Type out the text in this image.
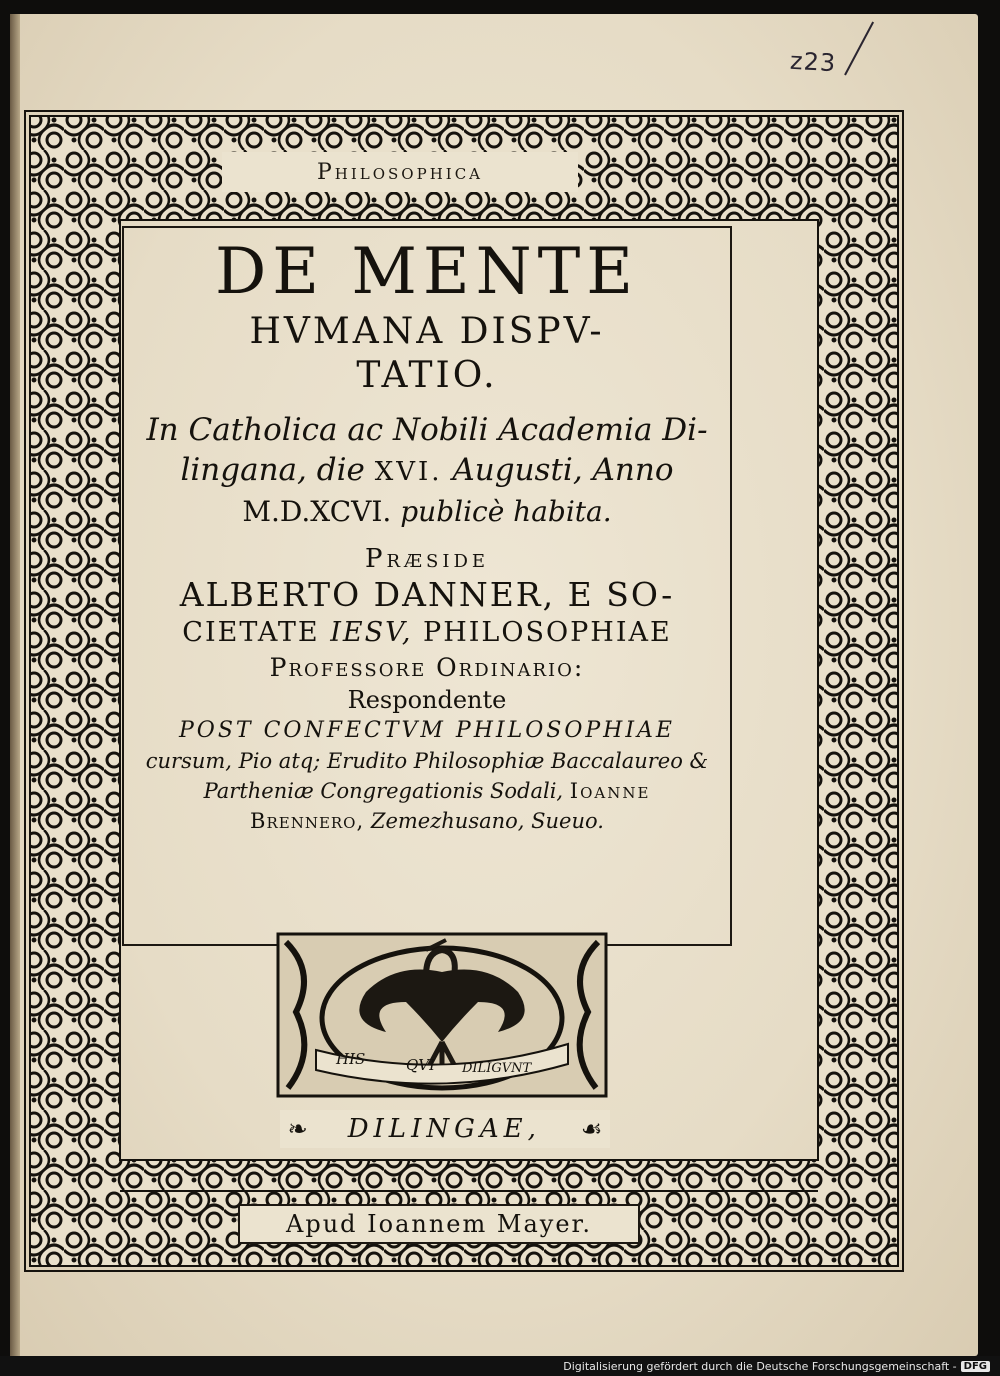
z23
Philosophica
DE MENTE
HVMANA DISPV-
TATIO.
In Catholica ac Nobili Academia Di-
lingana, die XVI. Augusti, Anno
M.D.XCVI. publicè habita.
Præside
ALBERTO DANNER, E SO-
CIETATE IESV, PHILOSOPHIAE
Professore Ordinario:
Respondente
POST CONFECTVM PHILOSOPHIAE
cursum, Pio atq; Erudito Philosophiæ Baccalaureo &
Partheniæ Congregationis Sodali, Ioanne
Brennero, Zemezhusano, Sueuo.
HIS	QVI DILIGVNT
❧ DILINGAE, ☙
Apud Ioannem Mayer.
Digitalisierung gefördert durch die Deutsche Forschungsgemeinschaft - DFG
